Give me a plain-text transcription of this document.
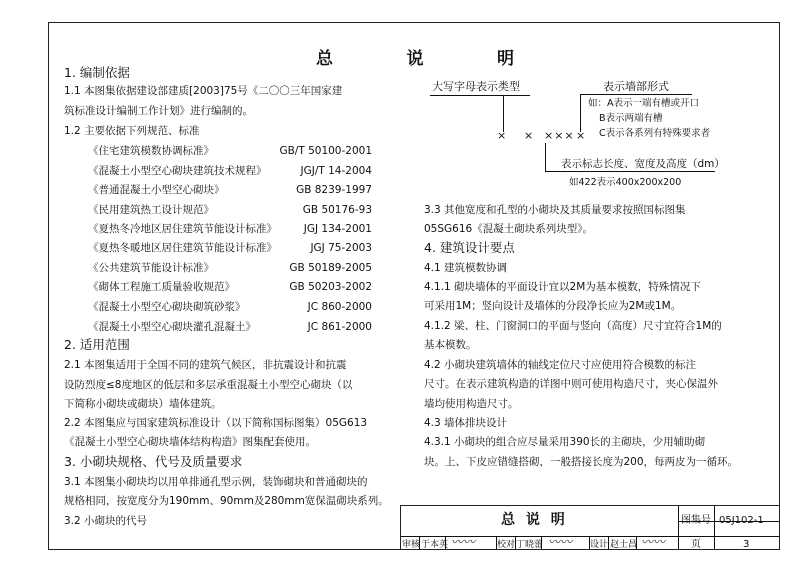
总	说	明
1. 编制依据
1.1 本图集依据建设部建质[2003]75号《二〇〇三年国家建
筑标准设计编制工作计划》进行编制的。
1.2 主要依据下列规范、标准
《住宅建筑模数协调标准》	GB/T 50100-2001
《混凝土小型空心砌块建筑技术规程》	JGJ/T 14-2004
《普通混凝土小型空心砌块》	GB 8239-1997
《民用建筑热工设计规范》	GB 50176-93
《夏热冬冷地区居住建筑节能设计标准》	JGJ 134-2001
《夏热冬暖地区居住建筑节能设计标准》	JGJ 75-2003
《公共建筑节能设计标准》	GB 50189-2005
《砌体工程施工质量验收规范》	GB 50203-2002
《混凝土小型空心砌块砌筑砂浆》	JC 860-2000
《混凝土小型空心砌块灌孔混凝土》	JC 861-2000
2. 适用范围
2.1 本图集适用于全国不同的建筑气候区，非抗震设计和抗震
设防烈度≤8度地区的低层和多层承重混凝土小型空心砌块（以
下简称小砌块或砌块）墙体建筑。
2.2 本图集应与国家建筑标准设计（以下简称国标图集）05G613
《混凝土小型空心砌块墙体结构构造》图集配套使用。
3. 小砌块规格、代号及质量要求
3.1 本图集小砌块均以用单排通孔型示例，装饰砌块和普通砌块的
规格相同，按宽度分为190mm、90mm及280mm宽保温砌块系列。
3.2 小砌块的代号
大写字母表示类型	表示墙部形式
如：A表示一端有槽或开口
B表示两端有槽
C表示各系列有特殊要求者
× × ××× ×
表示标志长度、宽度及高度（dm）
如422表示400x200x200
3.3 其他宽度和孔型的小砌块及其质量要求按照国标图集
05SG616《混凝土砌块系列块型》。
4. 建筑设计要点
4.1 建筑模数协调
4.1.1 砌块墙体的平面设计宜以2M为基本模数，特殊情况下
可采用1M；竖向设计及墙体的分段净长应为2M或1M。
4.1.2 梁、柱、门窗洞口的平面与竖向（高度）尺寸宜符合1M的
基本模数。
4.2 小砌块建筑墙体的轴线定位尺寸应使用符合模数的标注
尺寸。在表示建筑构造的详图中则可使用构造尺寸，夹心保温外
墙均使用构造尺寸。
4.3 墙体排块设计
4.3.1 小砌块的组合应尽量采用390长的主砌块，少用辅助砌
块。上、下皮应错缝搭砌，一般搭接长度为200，每两皮为一循环。
总 说 明	图集号 05J102-1
页	3
审核 于本英 〰〰 校对 丁晓蕾 〰〰 设计 赵士昌 〰〰
